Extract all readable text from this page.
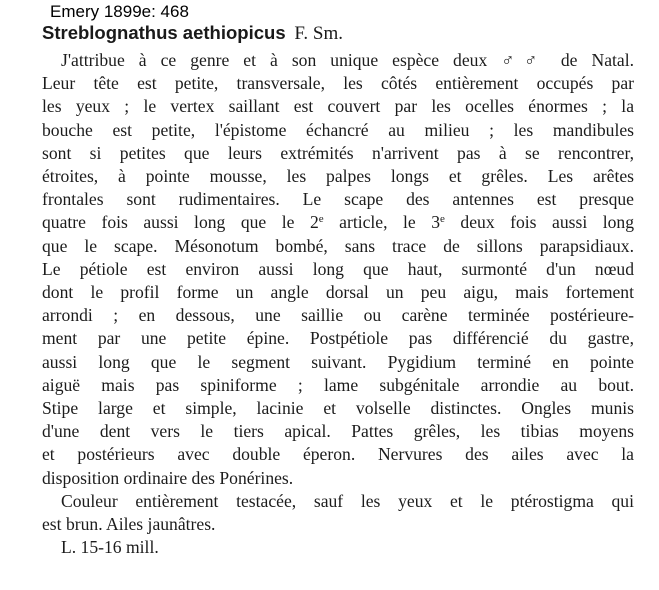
Emery 1899e: 468
Streblognathus aethiopicus F. Sm.
J'attribue à ce genre et à son unique espèce deux ♂♂ de Natal.
Leur tête est petite, transversale, les côtés entièrement occupés par
les yeux ; le vertex saillant est couvert par les ocelles énormes ; la
bouche est petite, l'épistome échancré au milieu ; les mandibules
sont si petites que leurs extrémités n'arrivent pas à se rencontrer,
étroites, à pointe mousse, les palpes longs et grêles. Les arêtes
frontales sont rudimentaires. Le scape des antennes est presque
quatre fois aussi long que le 2e article, le 3e deux fois aussi long
que le scape. Mésonotum bombé, sans trace de sillons parapsidiaux.
Le pétiole est environ aussi long que haut, surmonté d'un nœud
dont le profil forme un angle dorsal un peu aigu, mais fortement
arrondi ; en dessous, une saillie ou carène terminée postérieure-
ment par une petite épine. Postpétiole pas différencié du gastre,
aussi long que le segment suivant. Pygidium terminé en pointe
aiguë mais pas spiniforme ; lame subgénitale arrondie au bout.
Stipe large et simple, lacinie et volselle distinctes. Ongles munis
d'une dent vers le tiers apical. Pattes grêles, les tibias moyens
et postérieurs avec double éperon. Nervures des ailes avec la
disposition ordinaire des Ponérines.
Couleur entièrement testacée, sauf les yeux et le ptérostigma qui
est brun. Ailes jaunâtres.
L. 15-16 mill.
